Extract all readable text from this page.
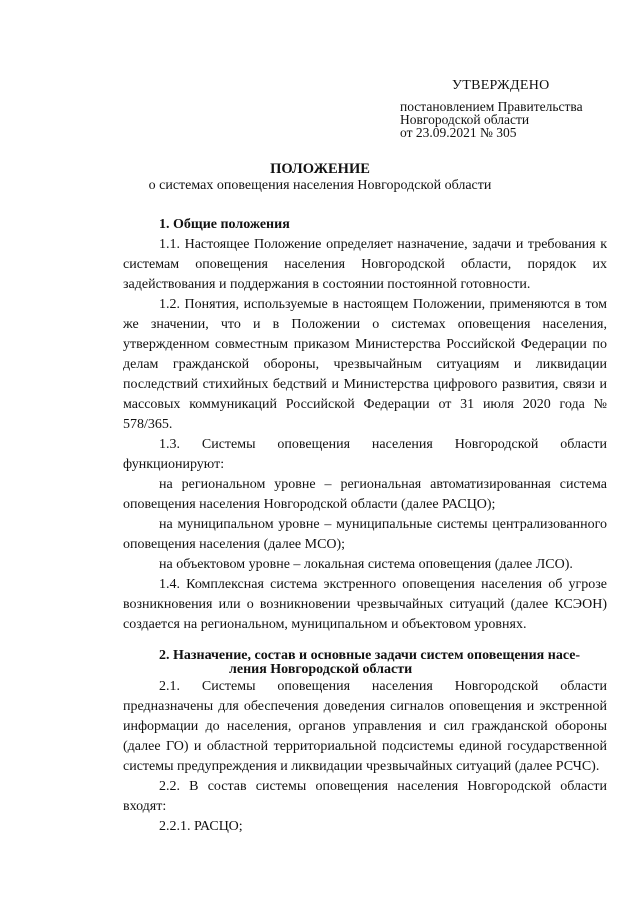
УТВЕРЖДЕНО
постановлением Правительства
Новгородской области
от 23.09.2021 № 305
ПОЛОЖЕНИЕ
о системах оповещения населения Новгородской области

1. Общие положения

1.1. Настоящее Положение определяет назначение, задачи и требования к системам оповещения населения Новгородской области, порядок их задействования и поддержания в состоянии постоянной готовности.

1.2. Понятия, используемые в настоящем Положении, применяются в том же значении, что и в Положении о системах оповещения населения, утвержденном совместным приказом Министерства Российской Федерации по делам гражданской обороны, чрезвычайным ситуациям и ликвидации последствий стихийных бедствий и Министерства цифрового развития, связи и массовых коммуникаций Российской Федерации от 31 июля 2020 года № 578/365.

1.3. Системы оповещения населения Новгородской области функционируют:

на региональном уровне – региональная автоматизированная система оповещения населения Новгородской области (далее РАСЦО);

на муниципальном уровне – муниципальные системы централизованного оповещения населения (далее МСО);

на объектовом уровне – локальная система оповещения (далее ЛСО).

1.4. Комплексная система экстренного оповещения населения об угрозе возникновения или о возникновении чрезвычайных ситуаций (далее КСЭОН) создается на региональном, муниципальном и объектовом уровнях.

2. Назначение, состав и основные задачи систем оповещения насе-
ления Новгородской области

2.1. Системы оповещения населения Новгородской области предназначены для обеспечения доведения сигналов оповещения и экстренной информации до населения, органов управления и сил гражданской обороны (далее ГО) и областной территориальной подсистемы единой государственной системы предупреждения и ликвидации чрезвычайных ситуаций (далее РСЧС).

2.2. В состав системы оповещения населения Новгородской области входят:

2.2.1. РАСЦО;
